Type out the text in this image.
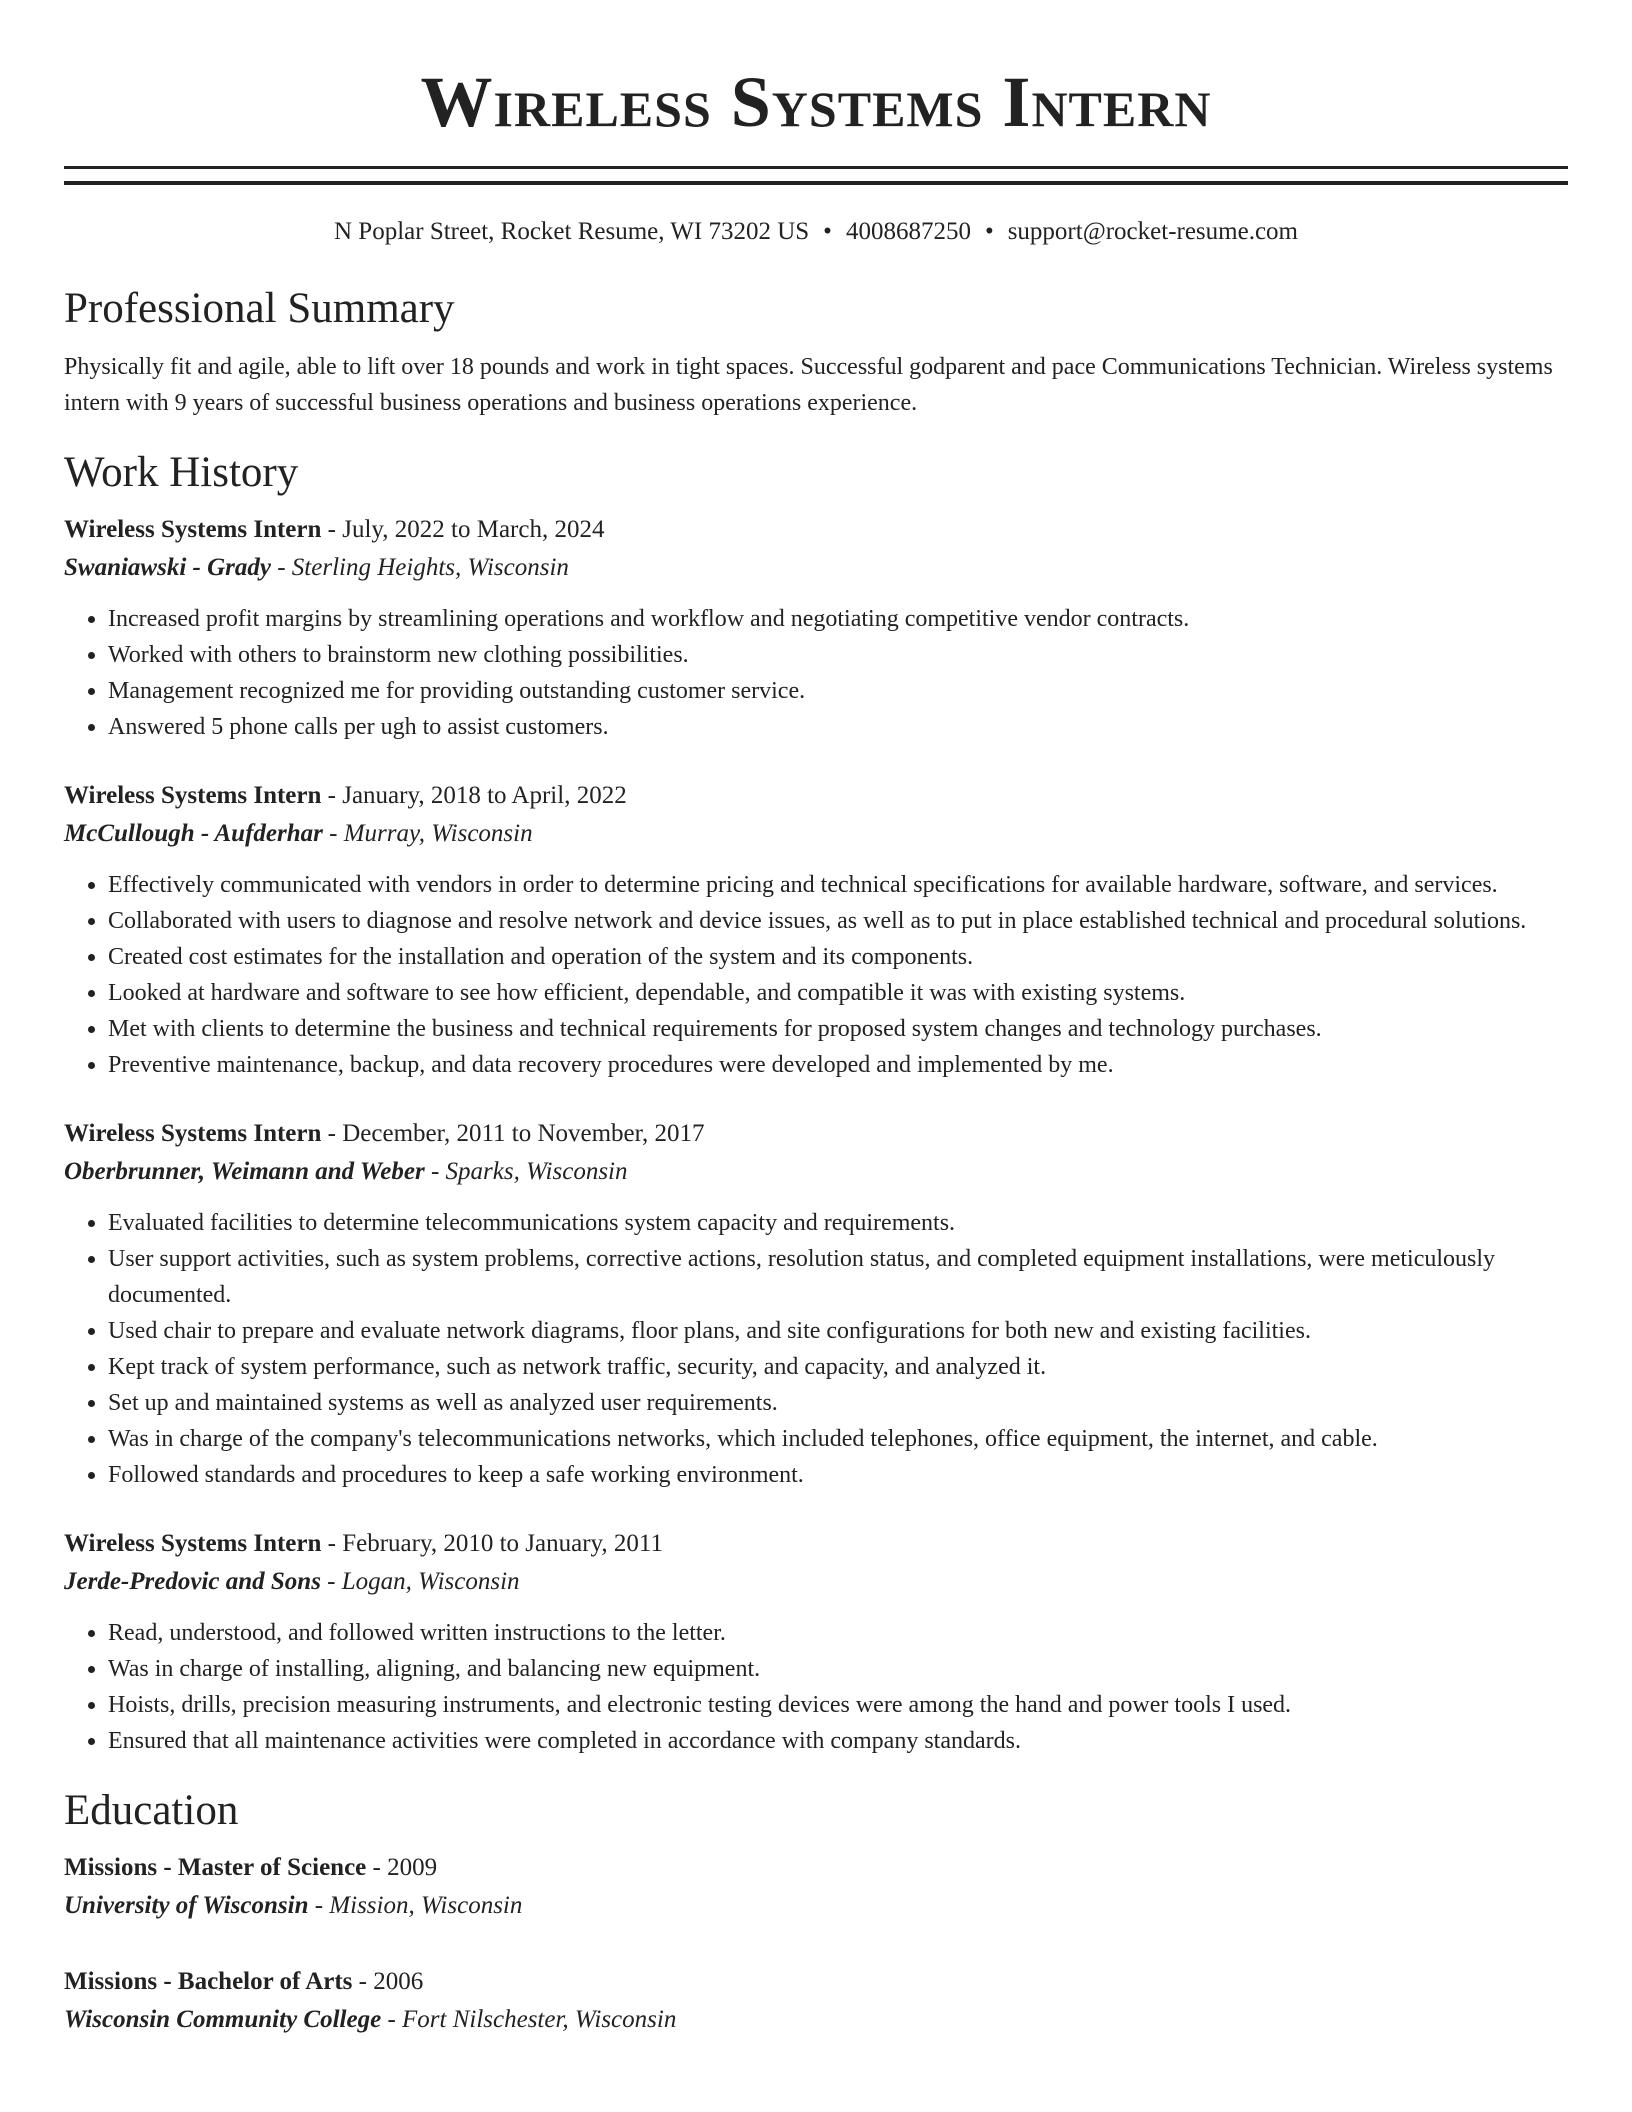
Wireless Systems Intern
N Poplar Street, Rocket Resume, WI 73202 US • 4008687250 • support@rocket-resume.com
Professional Summary

Physically fit and agile, able to lift over 18 pounds and work in tight spaces. Successful godparent and pace Communications Technician. Wireless systems intern with 9 years of successful business operations and business operations experience.

Work History
Wireless Systems Intern - July, 2022 to March, 2024
Swaniawski - Grady - Sterling Heights, Wisconsin
• Increased profit margins by streamlining operations and workflow and negotiating competitive vendor contracts.
• Worked with others to brainstorm new clothing possibilities.
• Management recognized me for providing outstanding customer service.
• Answered 5 phone calls per ugh to assist customers.
Wireless Systems Intern - January, 2018 to April, 2022
McCullough - Aufderhar - Murray, Wisconsin
• Effectively communicated with vendors in order to determine pricing and technical specifications for available hardware, software, and services.
• Collaborated with users to diagnose and resolve network and device issues, as well as to put in place established technical and procedural solutions.
• Created cost estimates for the installation and operation of the system and its components.
• Looked at hardware and software to see how efficient, dependable, and compatible it was with existing systems.
• Met with clients to determine the business and technical requirements for proposed system changes and technology purchases.
• Preventive maintenance, backup, and data recovery procedures were developed and implemented by me.
Wireless Systems Intern - December, 2011 to November, 2017
Oberbrunner, Weimann and Weber - Sparks, Wisconsin
• Evaluated facilities to determine telecommunications system capacity and requirements.
• User support activities, such as system problems, corrective actions, resolution status, and completed equipment installations, were meticulously documented.
• Used chair to prepare and evaluate network diagrams, floor plans, and site configurations for both new and existing facilities.
• Kept track of system performance, such as network traffic, security, and capacity, and analyzed it.
• Set up and maintained systems as well as analyzed user requirements.
• Was in charge of the company's telecommunications networks, which included telephones, office equipment, the internet, and cable.
• Followed standards and procedures to keep a safe working environment.
Wireless Systems Intern - February, 2010 to January, 2011
Jerde-Predovic and Sons - Logan, Wisconsin
• Read, understood, and followed written instructions to the letter.
• Was in charge of installing, aligning, and balancing new equipment.
• Hoists, drills, precision measuring instruments, and electronic testing devices were among the hand and power tools I used.
• Ensured that all maintenance activities were completed in accordance with company standards.
Education
Missions - Master of Science - 2009
University of Wisconsin - Mission, Wisconsin
Missions - Bachelor of Arts - 2006
Wisconsin Community College - Fort Nilschester, Wisconsin
